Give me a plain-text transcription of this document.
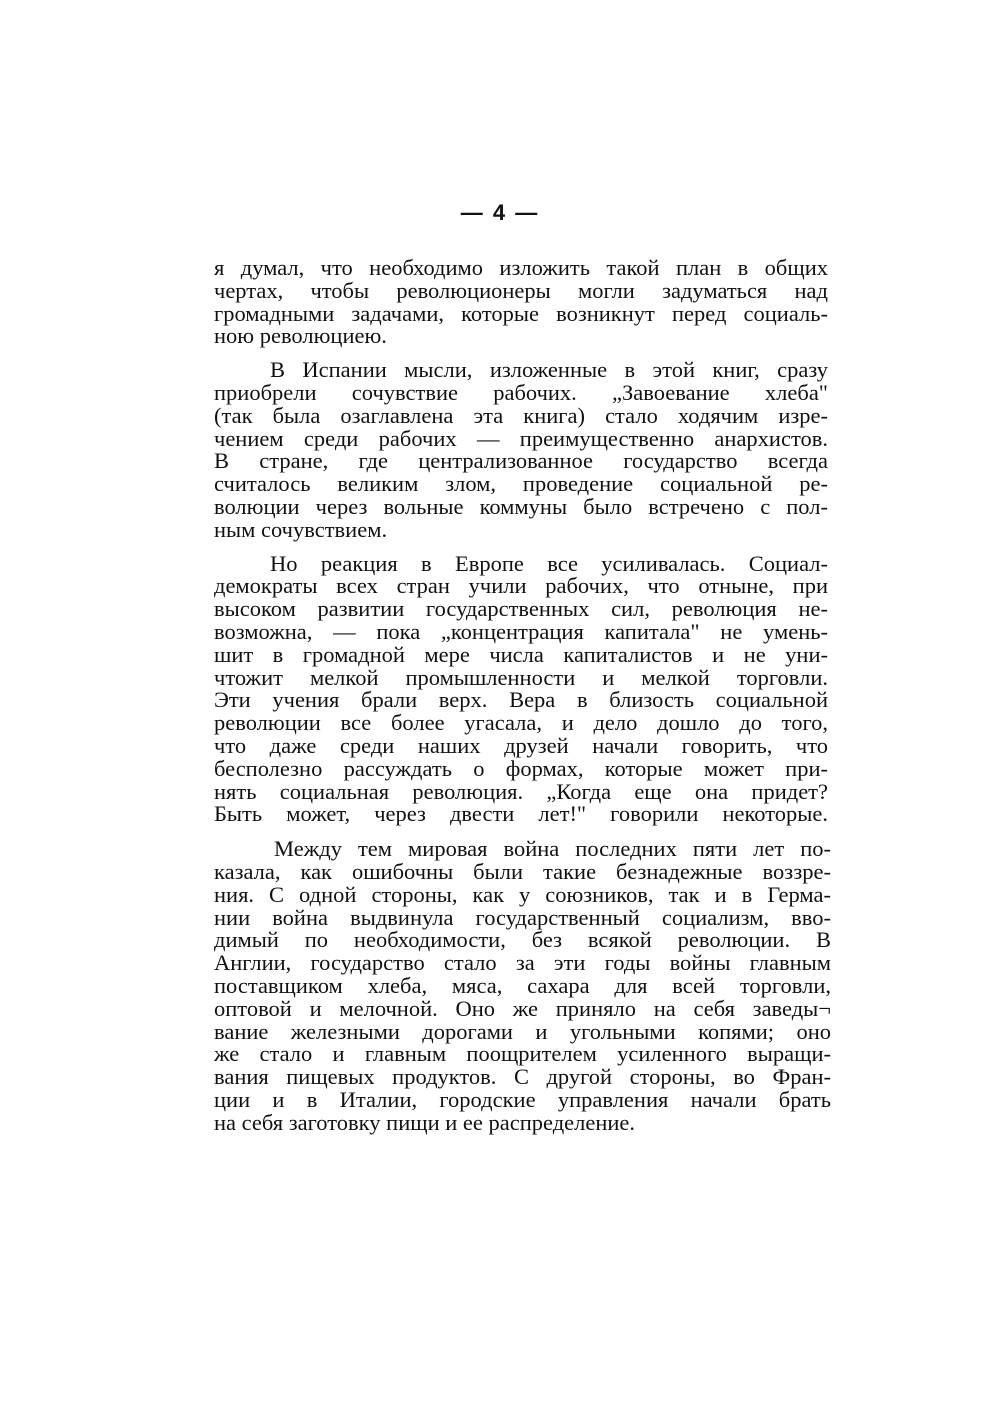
— 4 —

я думал, что необходимо изложить такой план в общих
чертах, чтобы революционеры могли задуматься над
громадными задачами, которые возникнут перед социаль-
ною революциею.

В Испании мысли, изложенные в этой книг, сразу
приобрели сочувствие рабочих. „Завоевание хлеба"
(так была озаглавлена эта книга) стало ходячим изре-
чением среди рабочих — преимущественно анархистов.
В стране, где централизованное государство всегда
считалось великим злом, проведение социальной ре-
волюции через вольные коммуны было встречено с пол-
ным сочувствием.

Но реакция в Европе все усиливалась. Социал-
демократы всех стран учили рабочих, что отныне, при
высоком развитии государственных сил, революция не-
возможна, — пока „концентрация капитала" не умень-
шит в громадной мере числа капиталистов и не уни-
чтожит мелкой промышленности и мелкой торговли.
Эти учения брали верх. Вера в близость социальной
революции все более угасала, и дело дошло до того,
что даже среди наших друзей начали говорить, что
бесполезно рассуждать о формах, которые может при-
нять социальная революция. „Когда еще она придет?
Быть может, через двести лет!" говорили некоторые.

Между тем мировая война последних пяти лет по-
казала, как ошибочны были такие безнадежные воззре-
ния. С одной стороны, как у союзников, так и в Герма-
нии война выдвинула государственный социализм, вво-
димый по необходимости, без всякой революции. В
Англии, государство стало за эти годы войны главным
поставщиком хлеба, мяса, сахара для всей торговли,
оптовой и мелочной. Оно же приняло на себя заведы¬
вание железными дорогами и угольными копями; оно
же стало и главным поощрителем усиленного выращи-
вания пищевых продуктов. С другой стороны, во Фран-
ции и в Италии, городские управления начали брать
на себя заготовку пищи и ее распределение.
